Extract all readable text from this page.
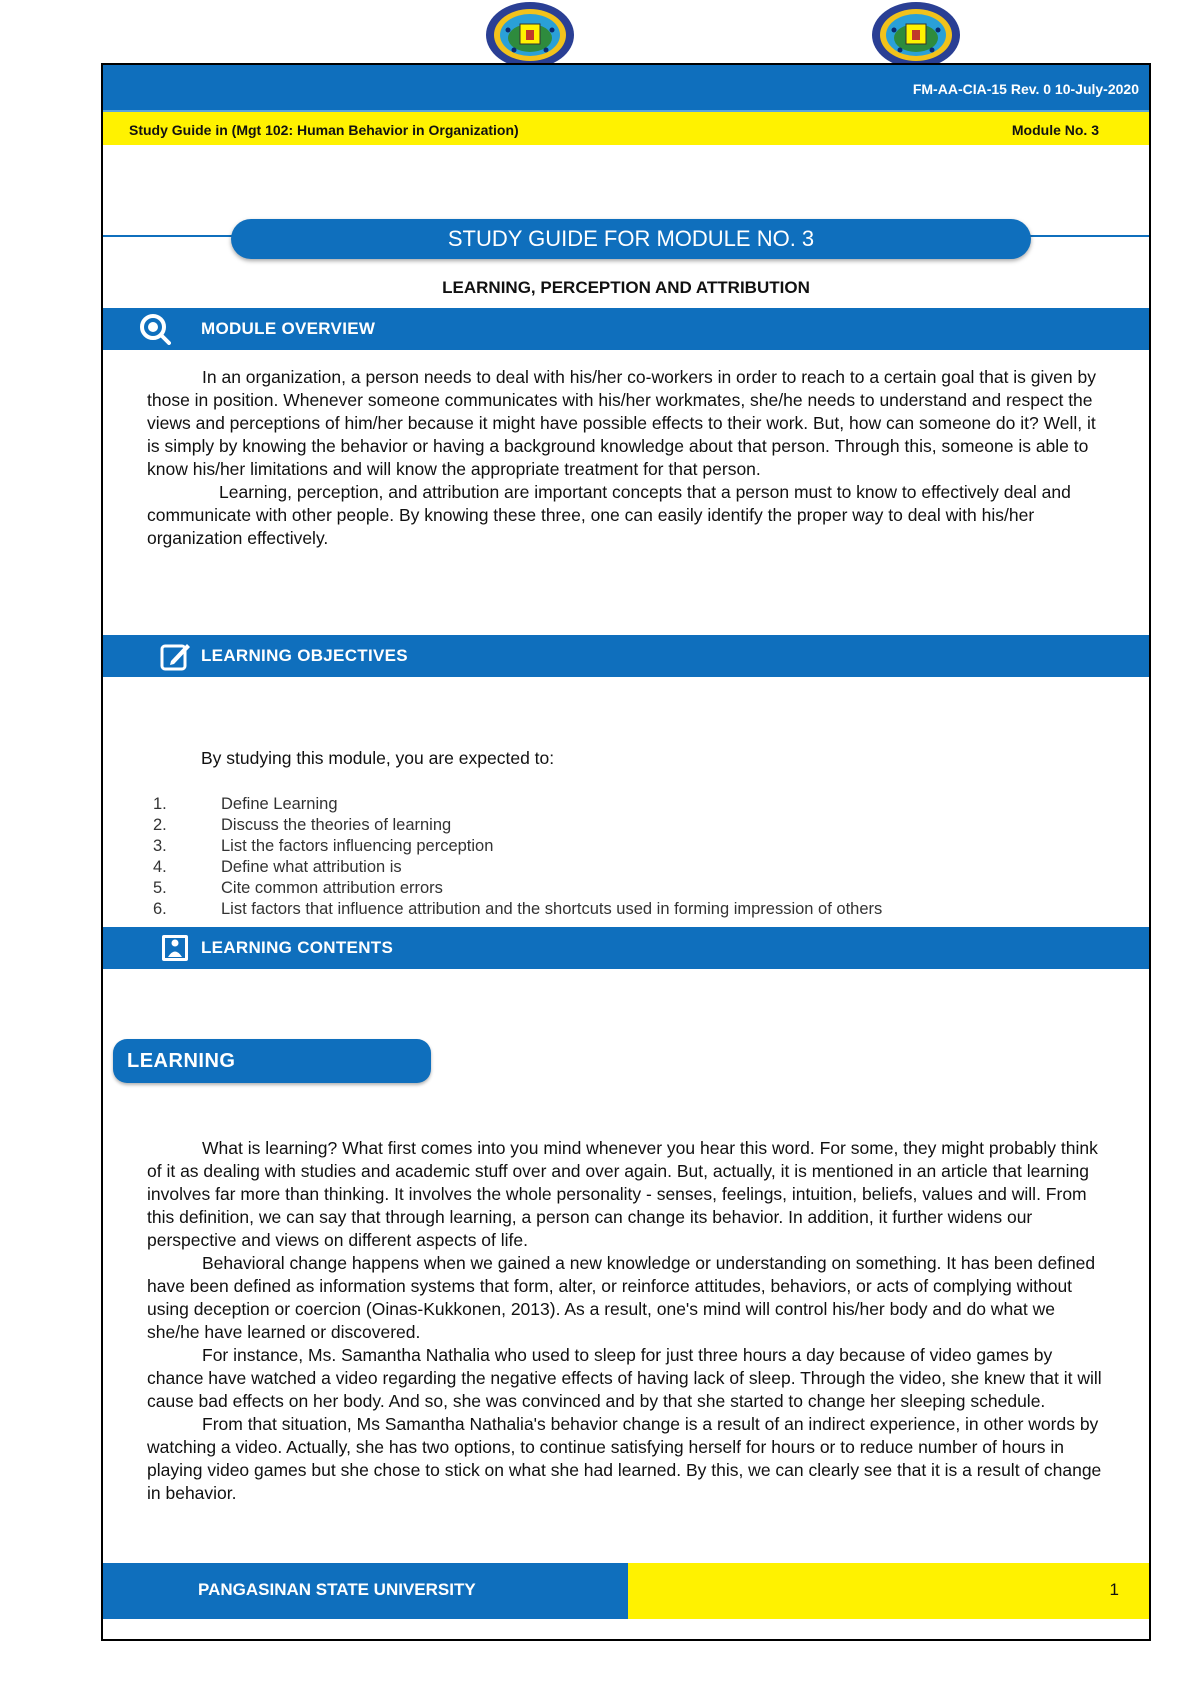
FM-AA-CIA-15 Rev. 0 10-July-2020
Study Guide in (Mgt 102: Human Behavior in Organization)	Module No. 3
STUDY GUIDE FOR MODULE NO. 3
LEARNING, PERCEPTION AND ATTRIBUTION
MODULE OVERVIEW

In an organization, a person needs to deal with his/her co-workers in order to reach to a certain goal that is given by those in position. Whenever someone communicates with his/her workmates, she/he needs to understand and respect the views and perceptions of him/her because it might have possible effects to their work. But, how can someone do it? Well, it is simply by knowing the behavior or having a background knowledge about that person. Through this, someone is able to know his/her limitations and will know the appropriate treatment for that person.

Learning, perception, and attribution are important concepts that a person must to know to effectively deal and communicate with other people. By knowing these three, one can easily identify the proper way to deal with his/her organization effectively.

LEARNING OBJECTIVES
By studying this module, you are expected to:
1.	Define Learning
2.	Discuss the theories of learning
3.	List the factors influencing perception
4.	Define what attribution is
5.	Cite common attribution errors
6.	List factors that influence attribution and the shortcuts used in forming impression of others
LEARNING CONTENTS
LEARNING

What is learning? What first comes into you mind whenever you hear this word. For some, they might probably think of it as dealing with studies and academic stuff over and over again. But, actually, it is mentioned in an article that learning involves far more than thinking. It involves the whole personality - senses, feelings, intuition, beliefs, values and will. From this definition, we can say that through learning, a person can change its behavior. In addition, it further widens our perspective and views on different aspects of life.

Behavioral change happens when we gained a new knowledge or understanding on something. It has been defined have been defined as information systems that form, alter, or reinforce attitudes, behaviors, or acts of complying without using deception or coercion (Oinas-Kukkonen, 2013). As a result, one's mind will control his/her body and do what we she/he have learned or discovered.

For instance, Ms. Samantha Nathalia who used to sleep for just three hours a day because of video games by chance have watched a video regarding the negative effects of having lack of sleep. Through the video, she knew that it will cause bad effects on her body. And so, she was convinced and by that she started to change her sleeping schedule.

From that situation, Ms Samantha Nathalia's behavior change is a result of an indirect experience, in other words by watching a video. Actually, she has two options, to continue satisfying herself for hours or to reduce number of hours in playing video games but she chose to stick on what she had learned. By this, we can clearly see that it is a result of change in behavior.

PANGASINAN STATE UNIVERSITY	1
